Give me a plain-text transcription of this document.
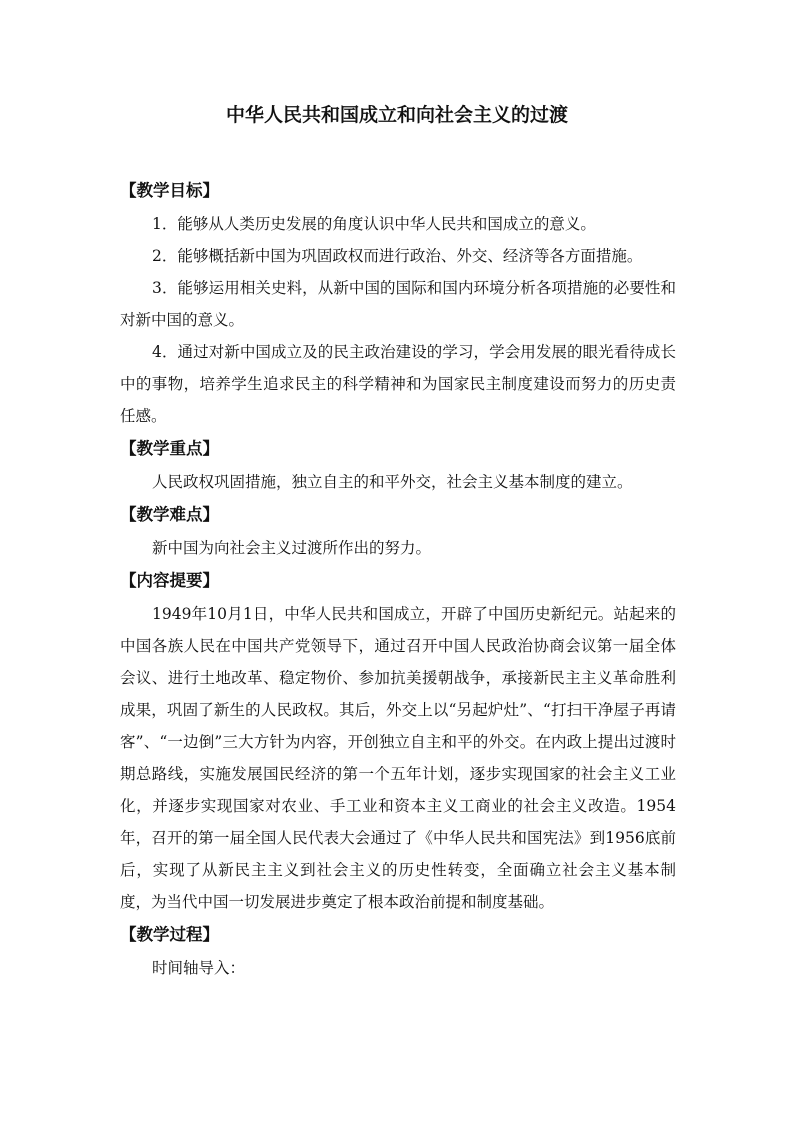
中华人民共和国成立和向社会主义的过渡
【教学目标】

1．能够从人类历史发展的角度认识中华人民共和国成立的意义。

2．能够概括新中国为巩固政权而进行政治、外交、经济等各方面措施。

3．能够运用相关史料，从新中国的国际和国内环境分析各项措施的必要性和对新中国的意义。

4．通过对新中国成立及的民主政治建设的学习，学会用发展的眼光看待成长中的事物，培养学生追求民主的科学精神和为国家民主制度建设而努力的历史责任感。

【教学重点】

人民政权巩固措施，独立自主的和平外交，社会主义基本制度的建立。

【教学难点】

新中国为向社会主义过渡所作出的努力。

【内容提要】

1949年10月1日，中华人民共和国成立，开辟了中国历史新纪元。站起来的中国各族人民在中国共产党领导下，通过召开中国人民政治协商会议第一届全体会议、进行土地改革、稳定物价、参加抗美援朝战争，承接新民主主义革命胜利成果，巩固了新生的人民政权。其后，外交上以“另起炉灶”、“打扫干净屋子再请客”、“一边倒”三大方针为内容，开创独立自主和平的外交。在内政上提出过渡时期总路线，实施发展国民经济的第一个五年计划，逐步实现国家的社会主义工业化，并逐步实现国家对农业、手工业和资本主义工商业的社会主义改造。1954年，召开的第一届全国人民代表大会通过了《中华人民共和国宪法》到1956底前后，实现了从新民主主义到社会主义的历史性转变，全面确立社会主义基本制度，为当代中国一切发展进步奠定了根本政治前提和制度基础。

【教学过程】

时间轴导入：
